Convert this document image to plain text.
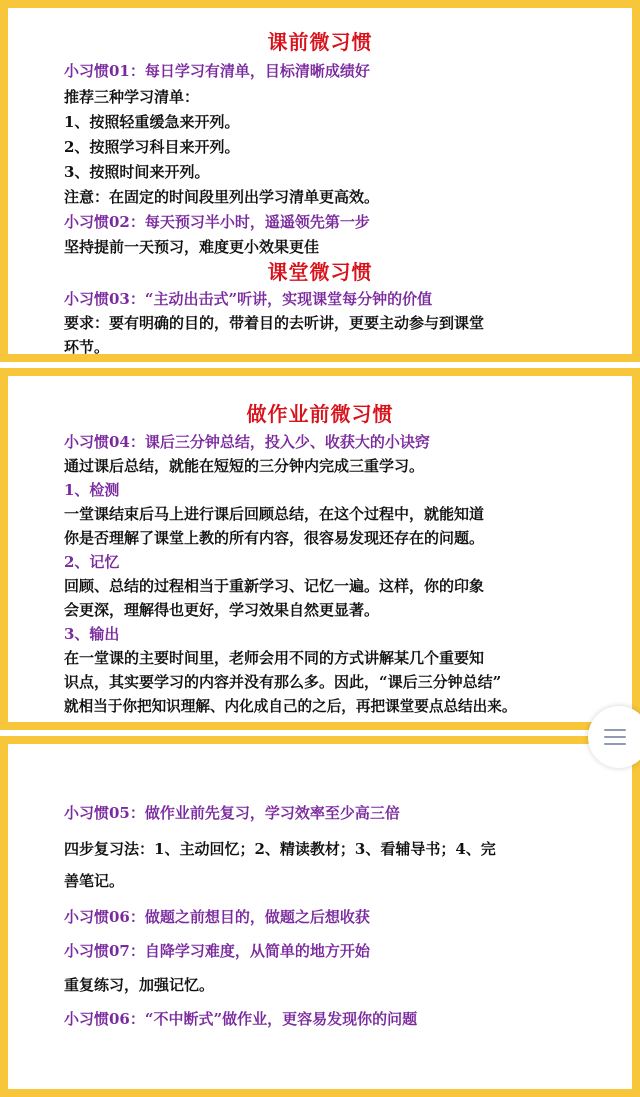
课前微习惯
小习惯01：每日学习有清单，目标清晰成绩好
推荐三种学习清单：
1、按照轻重缓急来开列。
2、按照学习科目来开列。
3、按照时间来开列。
注意：在固定的时间段里列出学习清单更高效。
小习惯02：每天预习半小时，遥遥领先第一步
坚持提前一天预习，难度更小效果更佳
课堂微习惯
小习惯03：“主动出击式”听讲，实现课堂每分钟的价值
要求：要有明确的目的，带着目的去听讲，更要主动参与到课堂
环节。
做作业前微习惯
小习惯04：课后三分钟总结，投入少、收获大的小诀窍
通过课后总结，就能在短短的三分钟内完成三重学习。
1、检测
一堂课结束后马上进行课后回顾总结，在这个过程中，就能知道
你是否理解了课堂上教的所有内容，很容易发现还存在的问题。
2、记忆
回顾、总结的过程相当于重新学习、记忆一遍。这样，你的印象
会更深，理解得也更好，学习效果自然更显著。
3、输出
在一堂课的主要时间里，老师会用不同的方式讲解某几个重要知
识点，其实要学习的内容并没有那么多。因此，“课后三分钟总结”
就相当于你把知识理解、内化成自己的之后，再把课堂要点总结出来。
小习惯05：做作业前先复习，学习效率至少高三倍
四步复习法：1、主动回忆；2、精读教材；3、看辅导书；4、完
善笔记。
小习惯06：做题之前想目的，做题之后想收获
小习惯07：自降学习难度，从简单的地方开始
重复练习，加强记忆。
小习惯06：“不中断式”做作业，更容易发现你的问题
